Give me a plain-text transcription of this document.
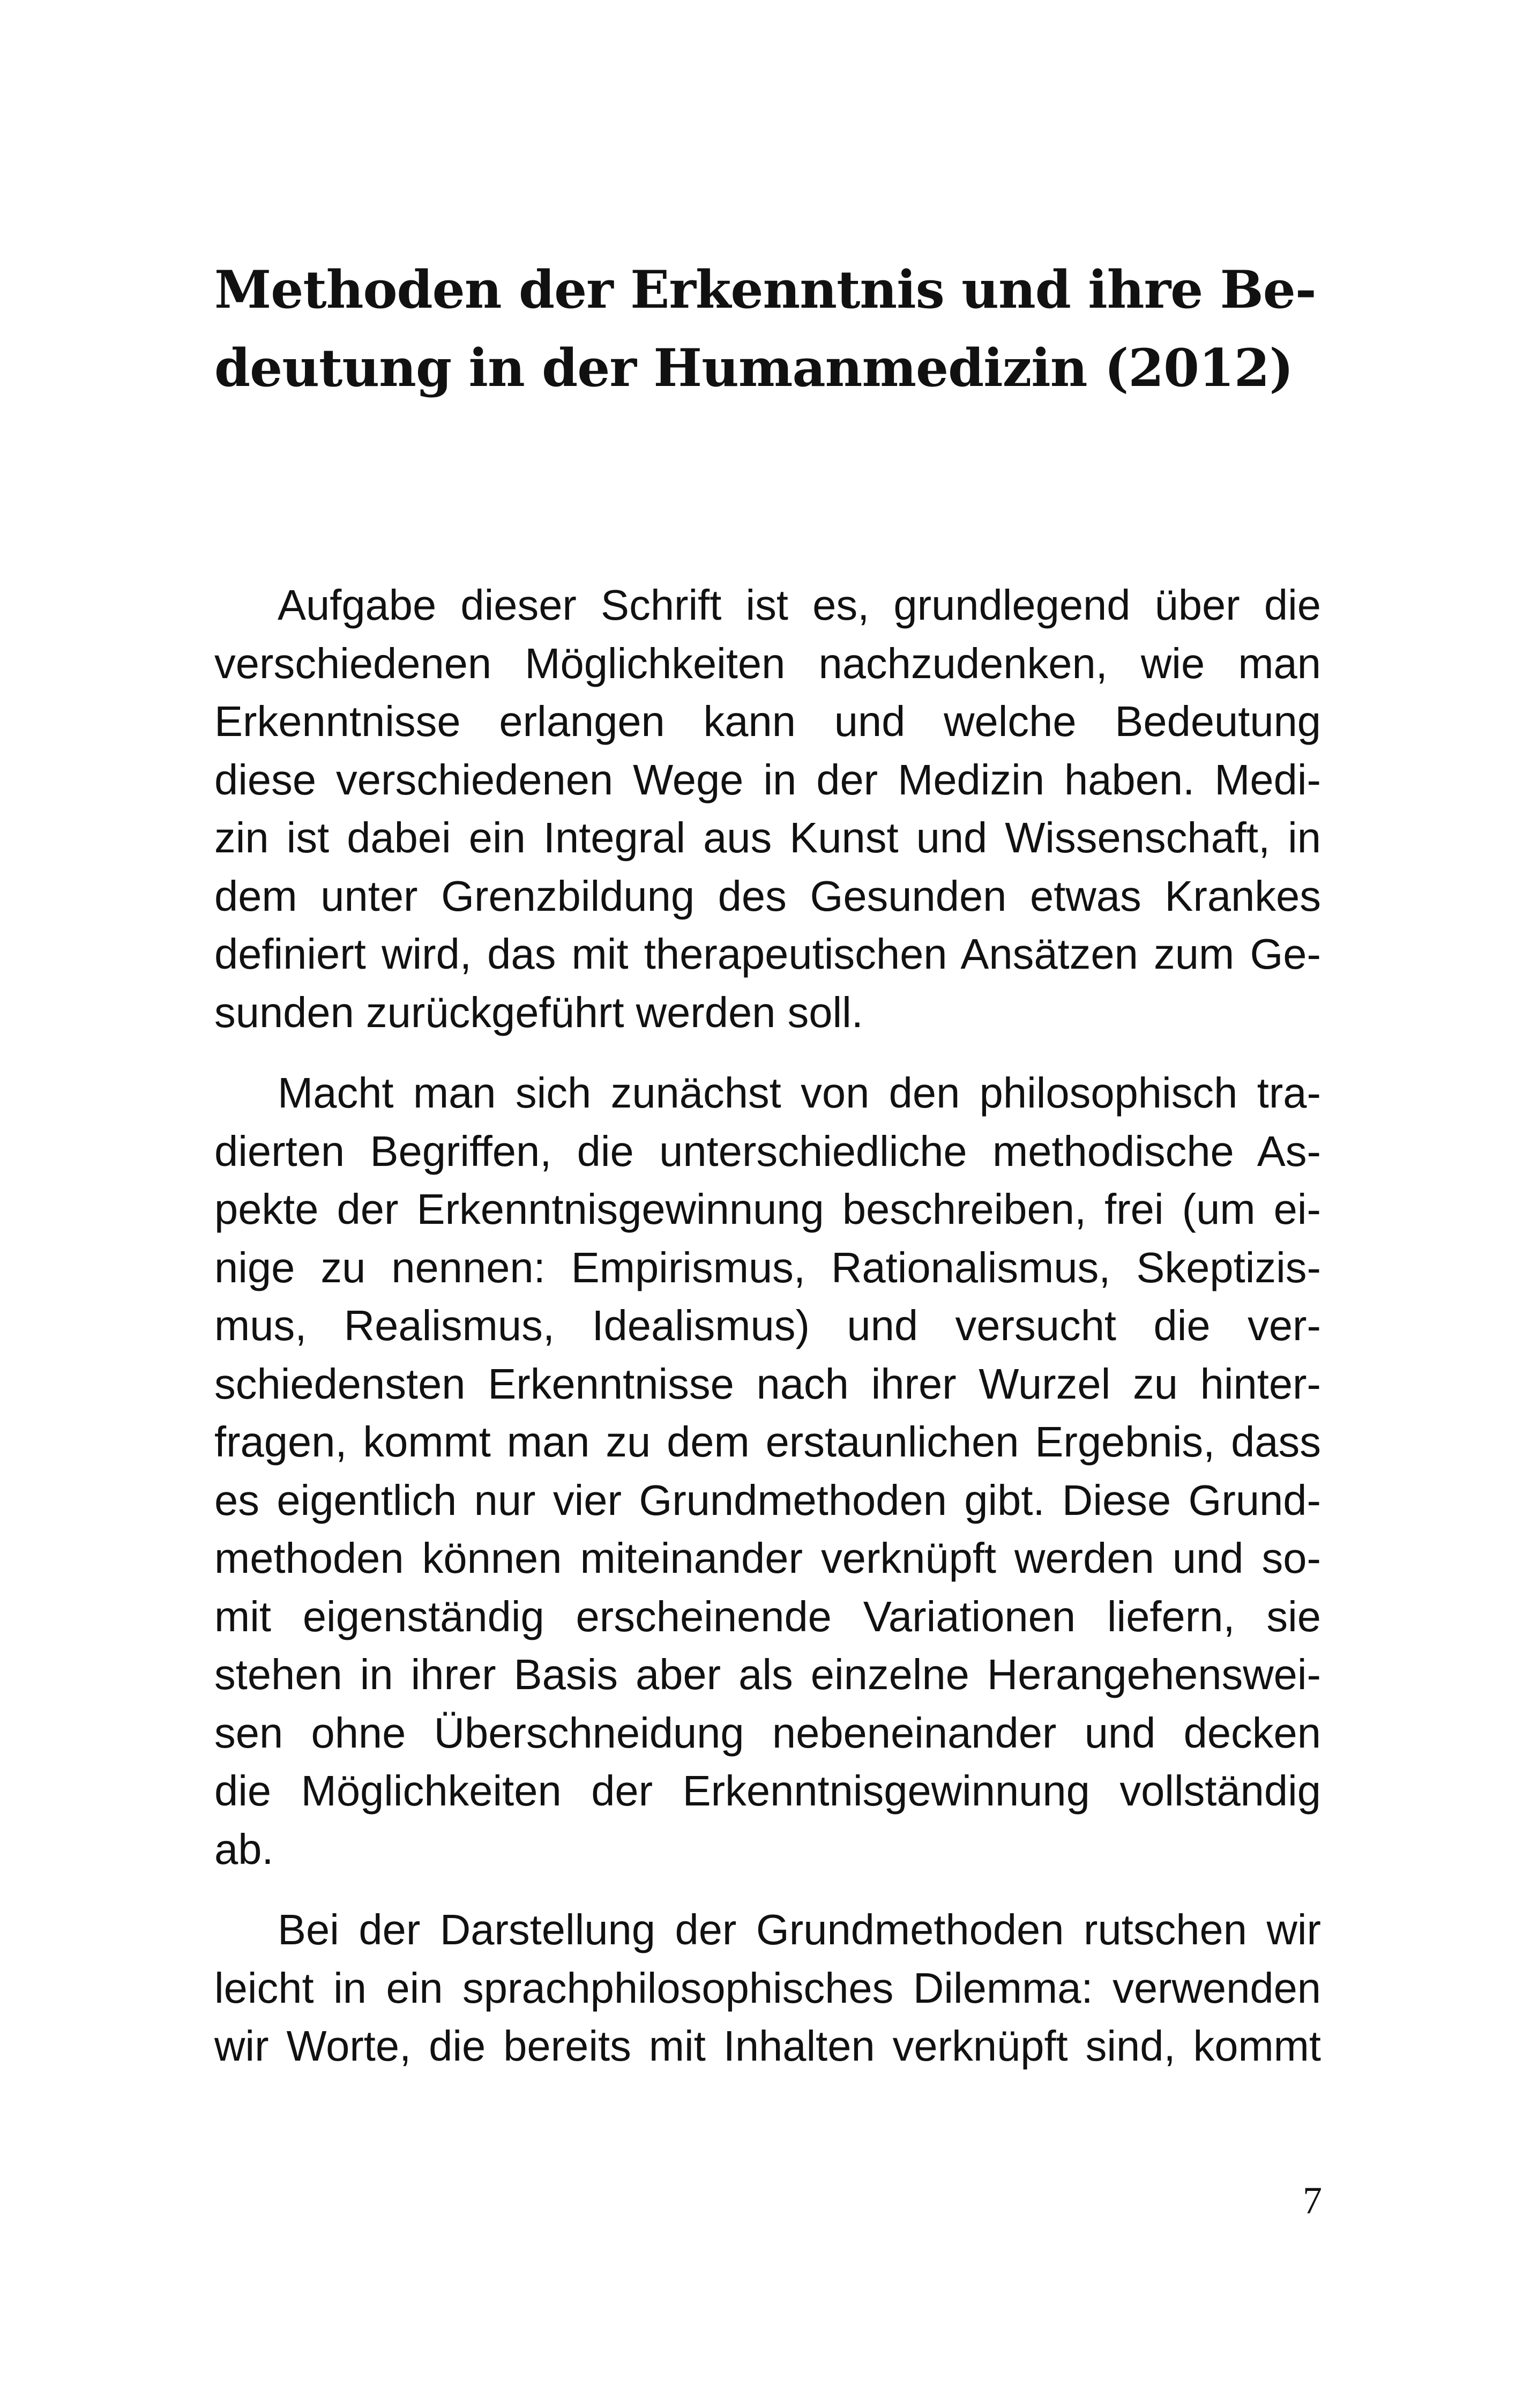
Methoden der Erkenntnis und ihre Be-
deutung in der Humanmedizin (2012)

Aufgabe dieser Schrift ist es, grundlegend über die
verschiedenen Möglichkeiten nachzudenken, wie man
Erkenntnisse erlangen kann und welche Bedeutung
diese verschiedenen Wege in der Medizin haben. Medi-
zin ist dabei ein Integral aus Kunst und Wissenschaft, in
dem unter Grenzbildung des Gesunden etwas Krankes
definiert wird, das mit therapeutischen Ansätzen zum Ge-
sunden zurückgeführt werden soll.

Macht man sich zunächst von den philosophisch tra-
dierten Begriffen, die unterschiedliche methodische As-
pekte der Erkenntnisgewinnung beschreiben, frei (um ei-
nige zu nennen: Empirismus, Rationalismus, Skeptizis-
mus, Realismus, Idealismus) und versucht die ver-
schiedensten Erkenntnisse nach ihrer Wurzel zu hinter-
fragen, kommt man zu dem erstaunlichen Ergebnis, dass
es eigentlich nur vier Grundmethoden gibt. Diese Grund-
methoden können miteinander verknüpft werden und so-
mit eigenständig erscheinende Variationen liefern, sie
stehen in ihrer Basis aber als einzelne Herangehenswei-
sen ohne Überschneidung nebeneinander und decken
die Möglichkeiten der Erkenntnisgewinnung vollständig
ab.

Bei der Darstellung der Grundmethoden rutschen wir
leicht in ein sprachphilosophisches Dilemma: verwenden
wir Worte, die bereits mit Inhalten verknüpft sind, kommt

7
